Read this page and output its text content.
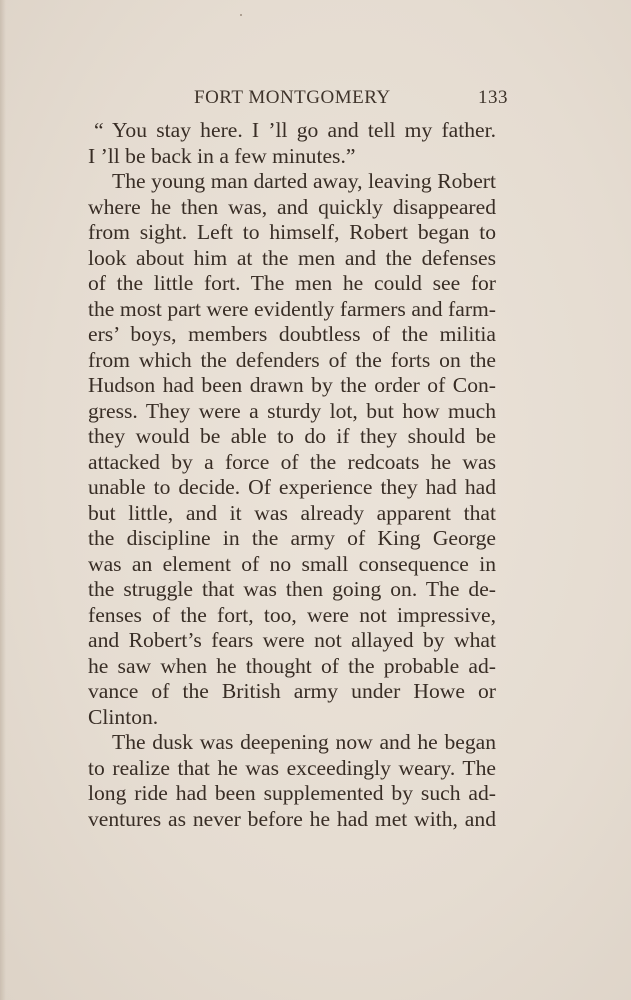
FORT MONTGOMERY	133
“ You stay here. I ’ll go and tell my father.
I ’ll be back in a few minutes.”
The young man darted away, leaving Robert
where he then was, and quickly disappeared
from sight. Left to himself, Robert began to
look about him at the men and the defenses
of the little fort. The men he could see for
the most part were evidently farmers and farm-
ers’ boys, members doubtless of the militia
from which the defenders of the forts on the
Hudson had been drawn by the order of Con-
gress. They were a sturdy lot, but how much
they would be able to do if they should be
attacked by a force of the redcoats he was
unable to decide. Of experience they had had
but little, and it was already apparent that
the discipline in the army of King George
was an element of no small consequence in
the struggle that was then going on. The de-
fenses of the fort, too, were not impressive,
and Robert’s fears were not allayed by what
he saw when he thought of the probable ad-
vance of the British army under Howe or
Clinton.
The dusk was deepening now and he began
to realize that he was exceedingly weary. The
long ride had been supplemented by such ad-
ventures as never before he had met with, and
